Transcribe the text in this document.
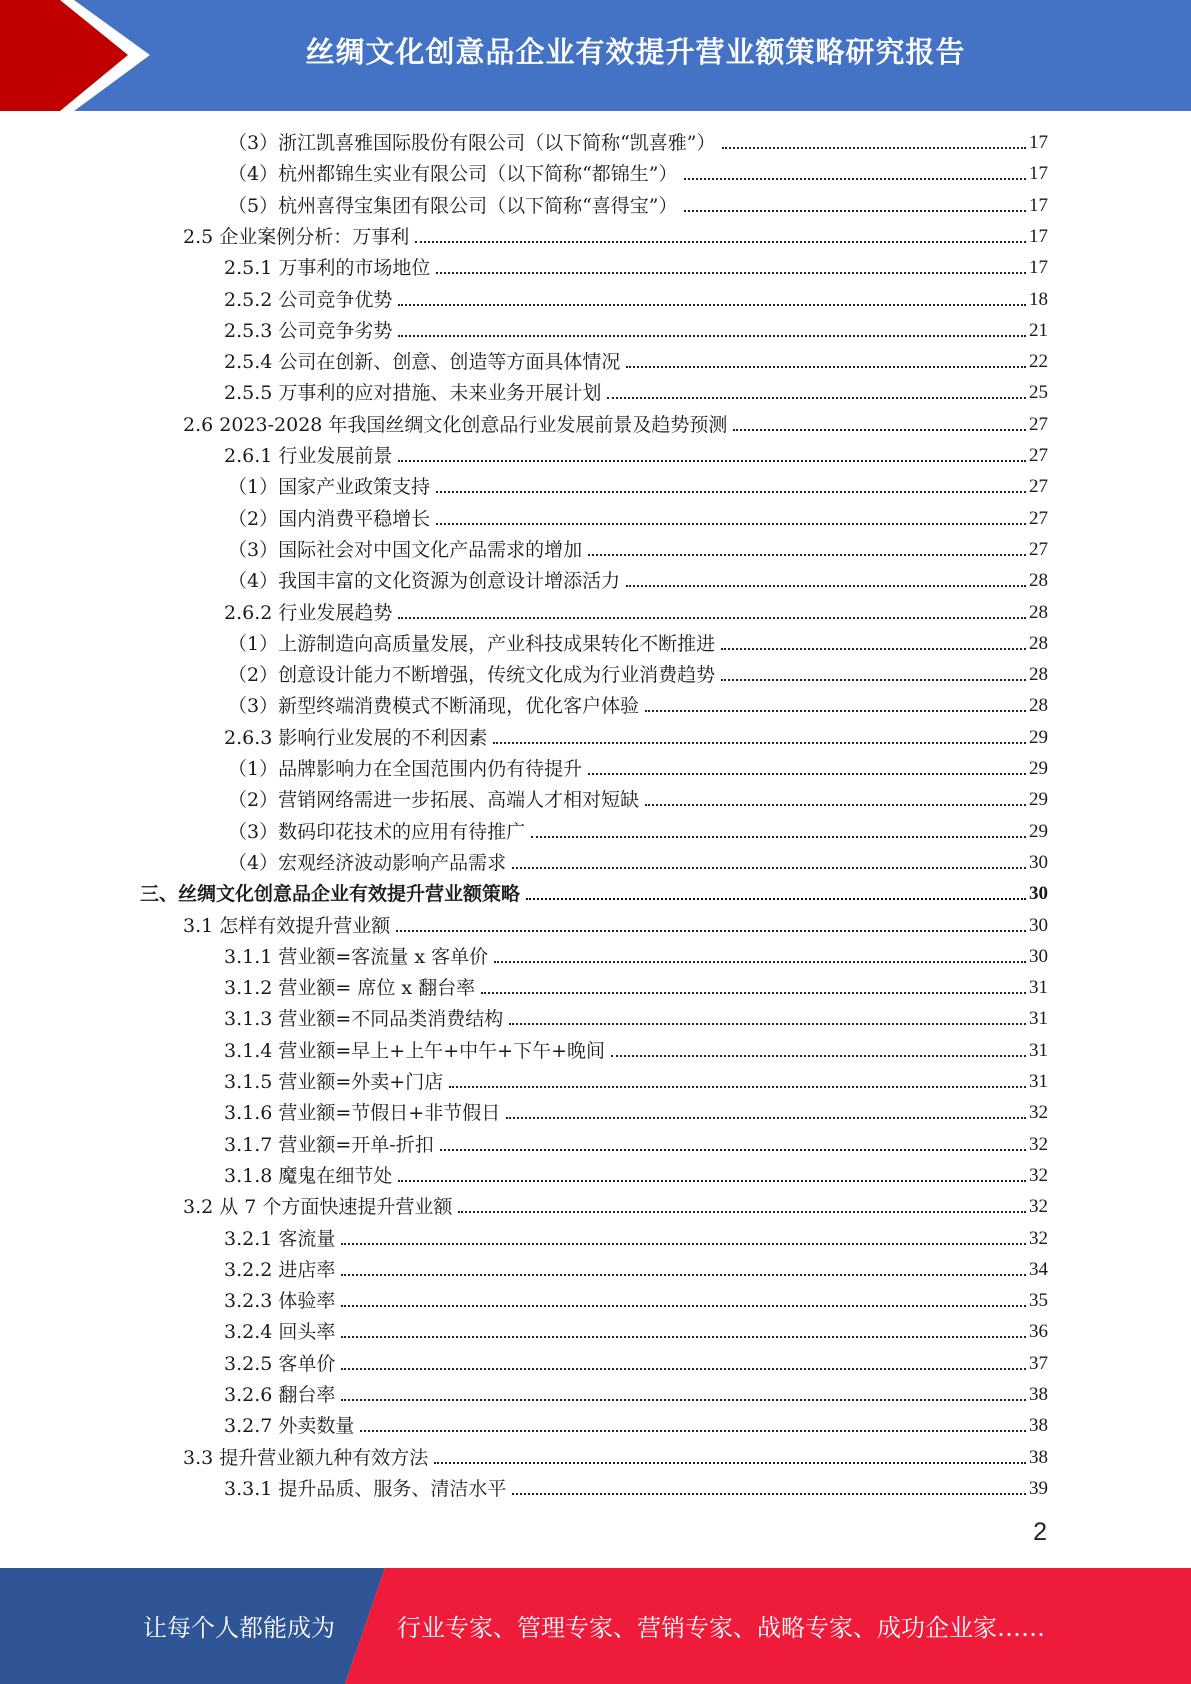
丝绸文化创意品企业有效提升营业额策略研究报告
（3）浙江凯喜雅国际股份有限公司（以下简称“凯喜雅”）	17
（4）杭州都锦生实业有限公司（以下简称“都锦生”）	17
（5）杭州喜得宝集团有限公司（以下简称“喜得宝”）	17
2.5 企业案例分析：万事利	17
2.5.1 万事利的市场地位	17
2.5.2 公司竞争优势	18
2.5.3 公司竞争劣势	21
2.5.4 公司在创新、创意、创造等方面具体情况	22
2.5.5 万事利的应对措施、未来业务开展计划	25
2.6 2023-2028 年我国丝绸文化创意品行业发展前景及趋势预测	27
2.6.1 行业发展前景	27
（1）国家产业政策支持	27
（2）国内消费平稳增长	27
（3）国际社会对中国文化产品需求的增加	27
（4）我国丰富的文化资源为创意设计增添活力	28
2.6.2 行业发展趋势	28
（1）上游制造向高质量发展，产业科技成果转化不断推进	28
（2）创意设计能力不断增强，传统文化成为行业消费趋势	28
（3）新型终端消费模式不断涌现，优化客户体验	28
2.6.3 影响行业发展的不利因素	29
（1）品牌影响力在全国范围内仍有待提升	29
（2）营销网络需进一步拓展、高端人才相对短缺	29
（3）数码印花技术的应用有待推广	29
（4）宏观经济波动影响产品需求	30
三、丝绸文化创意品企业有效提升营业额策略	30
3.1 怎样有效提升营业额	30
3.1.1 营业额=客流量 x 客单价	30
3.1.2 营业额= 席位 x 翻台率	31
3.1.3 营业额=不同品类消费结构	31
3.1.4 营业额=早上+上午+中午+下午+晚间	31
3.1.5 营业额=外卖+门店	31
3.1.6 营业额=节假日+非节假日	32
3.1.7 营业额=开单-折扣	32
3.1.8 魔鬼在细节处	32
3.2 从 7 个方面快速提升营业额	32
3.2.1 客流量	32
3.2.2 进店率	34
3.2.3 体验率	35
3.2.4 回头率	36
3.2.5 客单价	37
3.2.6 翻台率	38
3.2.7 外卖数量	38
3.3 提升营业额九种有效方法	38
3.3.1 提升品质、服务、清洁水平	39
2
让每个人都能成为	行业专家、管理专家、营销专家、战略专家、成功企业家……
